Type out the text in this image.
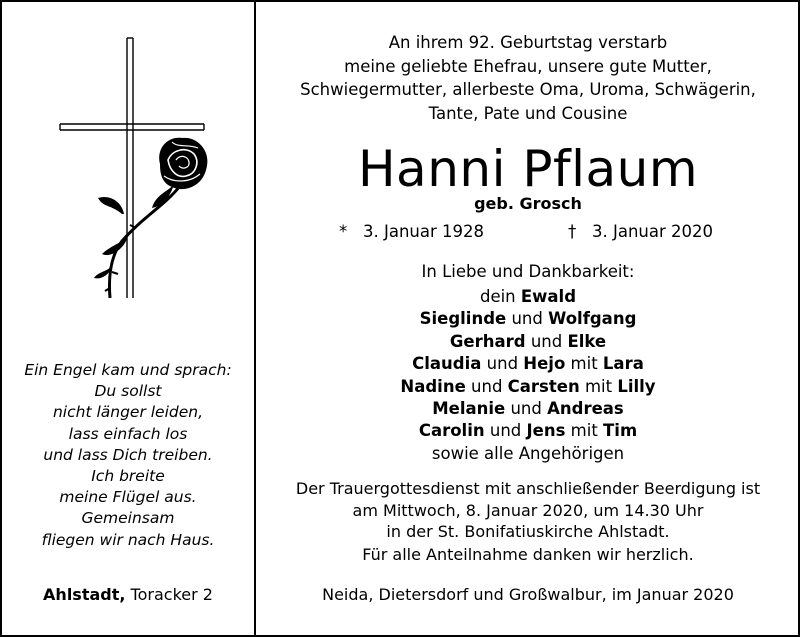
Ein Engel kam und sprach:
Du sollst
nicht länger leiden,
lass einfach los
und lass Dich treiben.
Ich breite
meine Flügel aus.
Gemeinsam
fliegen wir nach Haus.
Ahlstadt, Toracker 2
An ihrem 92. Geburtstag verstarb
meine geliebte Ehefrau, unsere gute Mutter,
Schwiegermutter, allerbeste Oma, Uroma, Schwägerin,
Tante, Pate und Cousine
Hanni Pflaum
geb. Grosch
* 3. Januar 1928	† 3. Januar 2020
In Liebe und Dankbarkeit:
dein Ewald
Sieglinde und Wolfgang
Gerhard und Elke
Claudia und Hejo mit Lara
Nadine und Carsten mit Lilly
Melanie und Andreas
Carolin und Jens mit Tim
sowie alle Angehörigen
Der Trauergottesdienst mit anschließender Beerdigung ist
am Mittwoch, 8. Januar 2020, um 14.30 Uhr
in der St. Bonifatiuskirche Ahlstadt.
Für alle Anteilnahme danken wir herzlich.
Neida, Dietersdorf und Großwalbur, im Januar 2020
